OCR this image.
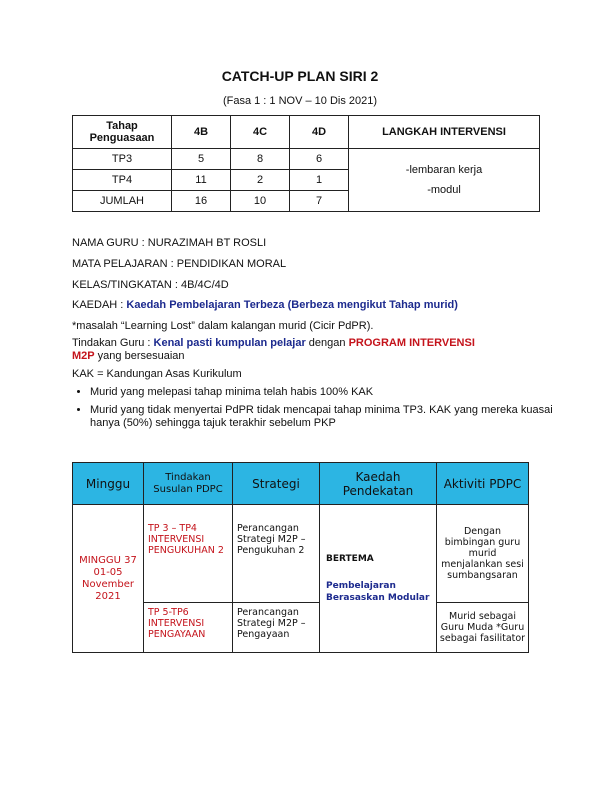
CATCH-UP PLAN SIRI 2
(Fasa 1 : 1 NOV – 10 Dis 2021)
Tahap Penguasaan	4B	4C	4D	LANGKAH INTERVENSI
TP3	5	8	6	-lembaran kerja
-modul

TP4	11	2	1	
JUMLAH	16	10	7	
NAMA GURU : NURAZIMAH BT ROSLI
MATA PELAJARAN : PENDIDIKAN MORAL
KELAS/TINGKATAN : 4B/4C/4D
KAEDAH : Kaedah Pembelajaran Terbeza (Berbeza mengikut Tahap murid)
*masalah “Learning Lost” dalam kalangan murid (Cicir PdPR).
Tindakan Guru : Kenal pasti kumpulan pelajar dengan PROGRAM INTERVENSI
M2P yang bersesuaian
KAK = Kandungan Asas Kurikulum
• Murid yang melepasi tahap minima telah habis 100% KAK
• Murid yang tidak menyertai PdPR tidak mencapai tahap minima TP3. KAK yang mereka kuasai hanya (50%) sehingga tajuk terakhir sebelum PKP
Minggu	Tindakan Susulan PDPC	Strategi	Kaedah Pendekatan	Aktiviti PDPC
MINGGU 37 01-05 November 2021	TP 3 – TP4 INTERVENSI PENGUKUHAN 2	Perancangan Strategi M2P – Pengukuhan 2	BERTEMA
Pembelajaran Berasaskan Modular	Dengan bimbingan guru murid menjalankan sesi sumbangsaran
	TP 5-TP6 INTERVENSI PENGAYAAN	Perancangan Strategi M2P – Pengayaan		Murid sebagai Guru Muda *Guru sebagai fasilitator
